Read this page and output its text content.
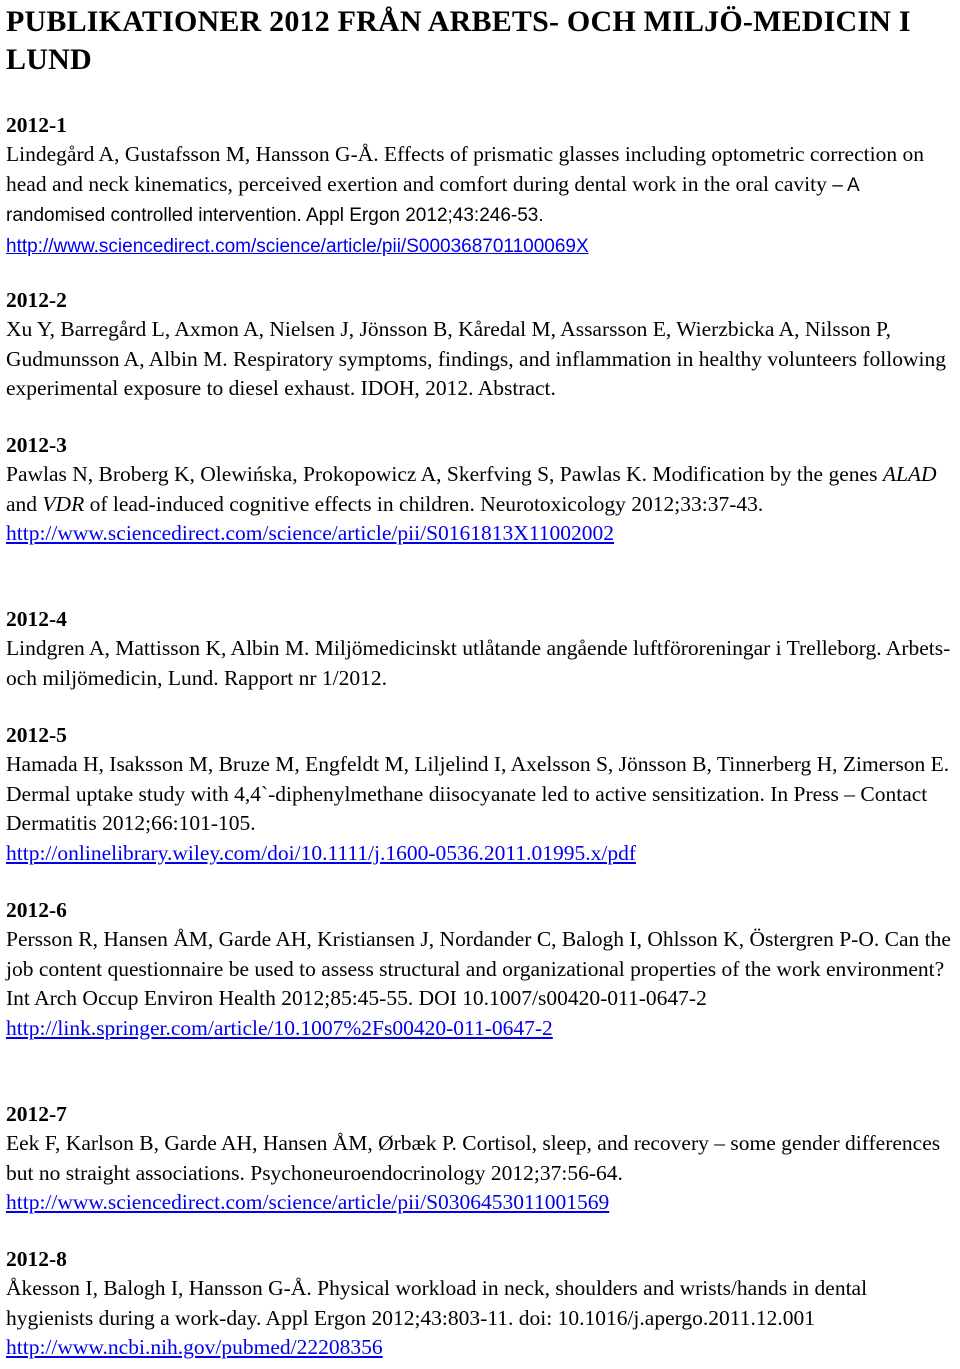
PUBLIKATIONER 2012 FRÅN ARBETS- OCH MILJÖ-MEDICIN I LUND
2012-1
Lindegård A, Gustafsson M, Hansson G-Å. Effects of prismatic glasses including optometric correction on head and neck kinematics, perceived exertion and comfort during dental work in the oral cavity – A randomised controlled intervention. Appl Ergon 2012;43:246-53.
http://www.sciencedirect.com/science/article/pii/S000368701100069X
2012-2
Xu Y, Barregård L, Axmon A, Nielsen J, Jönsson B, Kåredal M, Assarsson E, Wierzbicka A, Nilsson P, Gudmunsson A, Albin M. Respiratory symptoms, findings, and inflammation in healthy volunteers following experimental exposure to diesel exhaust. IDOH, 2012. Abstract.
2012-3
Pawlas N, Broberg K, Olewińska, Prokopowicz A, Skerfving S, Pawlas K. Modification by the genes ALAD and VDR of lead-induced cognitive effects in children. Neurotoxicology 2012;33:37-43.
http://www.sciencedirect.com/science/article/pii/S0161813X11002002
2012-4
Lindgren A, Mattisson K, Albin M. Miljömedicinskt utlåtande angående luftföroreningar i Trelleborg. Arbets- och miljömedicin, Lund. Rapport nr 1/2012.
2012-5
Hamada H, Isaksson M, Bruze M, Engfeldt M, Liljelind I, Axelsson S, Jönsson B, Tinnerberg H, Zimerson E. Dermal uptake study with 4,4`-diphenylmethane diisocyanate led to active sensitization. In Press – Contact Dermatitis 2012;66:101-105.
http://onlinelibrary.wiley.com/doi/10.1111/j.1600-0536.2011.01995.x/pdf
2012-6
Persson R, Hansen ÅM, Garde AH, Kristiansen J, Nordander C, Balogh I, Ohlsson K, Östergren P-O. Can the job content questionnaire be used to assess structural and organizational properties of the work environment? Int Arch Occup Environ Health 2012;85:45-55. DOI 10.1007/s00420-011-0647-2
http://link.springer.com/article/10.1007%2Fs00420-011-0647-2
2012-7
Eek F, Karlson B, Garde AH, Hansen ÅM, Ørbæk P. Cortisol, sleep, and recovery – some gender differences but no straight associations. Psychoneuroendocrinology 2012;37:56-64.
http://www.sciencedirect.com/science/article/pii/S0306453011001569
2012-8
Åkesson I, Balogh I, Hansson G-Å. Physical workload in neck, shoulders and wrists/hands in dental hygienists during a work-day. Appl Ergon 2012;43:803-11. doi: 10.1016/j.apergo.2011.12.001 http://www.ncbi.nih.gov/pubmed/22208356
